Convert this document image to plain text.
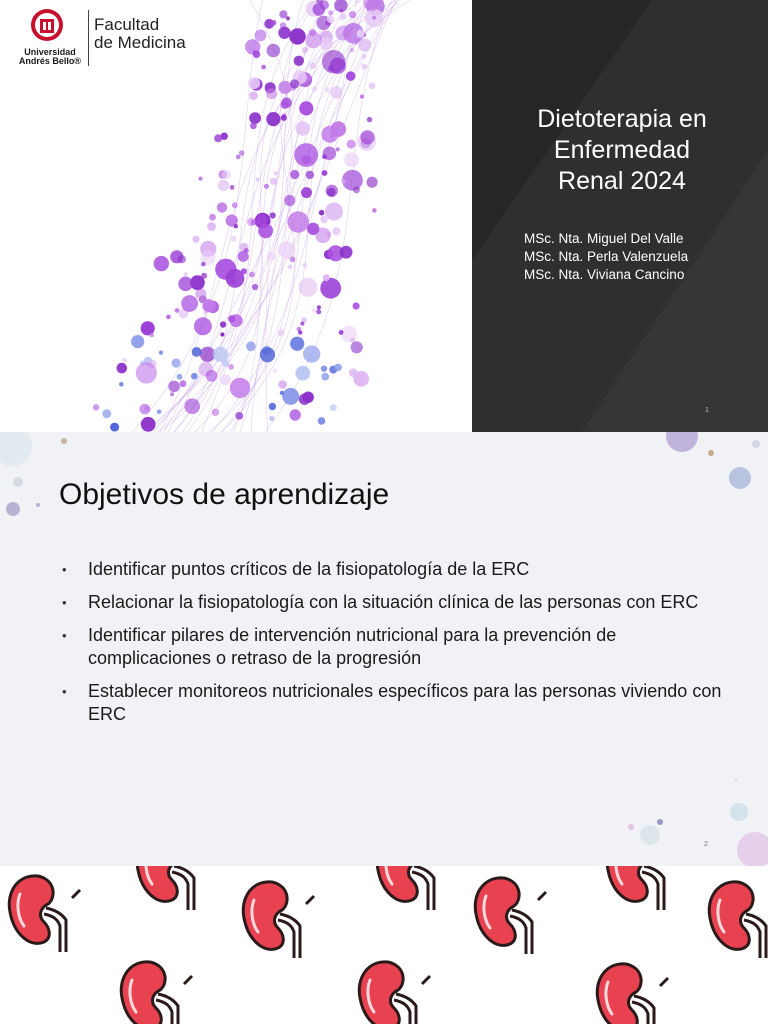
Universidad
Andrés Bello®
Facultad
de Medicina
Dietoterapia en
Enfermedad
Renal 2024
MSc. Nta. Miguel Del Valle
MSc. Nta. Perla Valenzuela
MSc. Nta. Viviana Cancino
1
Objetivos de aprendizaje
• Identificar puntos críticos de la fisiopatología de la ERC
• Relacionar la fisiopatología con la situación clínica de las personas con ERC
• Identificar pilares de intervención nutricional para la prevención de complicaciones o retraso de la progresión
• Establecer monitoreos nutricionales específicos para las personas viviendo con ERC
2
